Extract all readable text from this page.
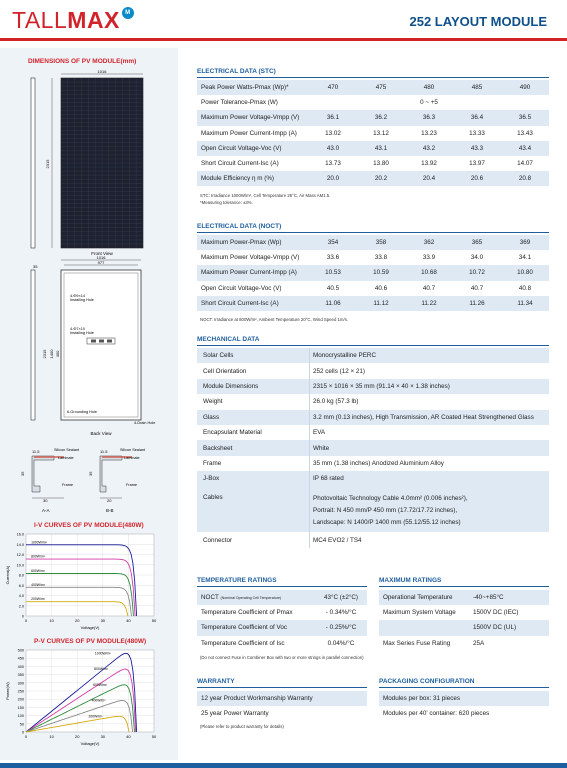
TALLMAX M
252 LAYOUT MODULE
DIMENSIONS OF PV MODULE(mm)
1016
2315
Front View
35
1016
977
2315 1400 400
4-Φ9×14
Installing Hole
4-Φ7×10
Installing Hole
6-Grounding Hole
4-Drain Hole
Back View
30
35
11.5	Silicon Sealant
Laminate
Frame
A-A
20
35
11.5	Silicon Sealant
Laminate
Frame
B-B
I-V CURVES OF PV MODULE(480W)
0	10	20	30	40	50
0
2.0
4.0
6.0
8.0
10.0
12.0
14.0
16.0
Voltage(V)
Current(A)
1000W/m²
800W/m²
600W/m²
400W/m²
200W/m²
P-V CURVES OF PV MODULE(480W)
0	10	20	30	40	50
0
50
100
150
200
250
300
350
400
450
500
Voltage(V)
Power(W)
1000W/m²
800W/m²
600W/m²
400W/m²
200W/m²
ELECTRICAL DATA (STC)
Peak Power Watts-Pmax (Wp)*	470	475	480	485	490
Power Tolerance-Pmax (W)	0 ~ +5				
Maximum Power Voltage-Vmpp (V)	36.1	36.2	36.3	36.4	36.5
Maximum Power Current-Impp (A)	13.02	13.12	13.23	13.33	13.43
Open Circuit Voltage-Voc (V)	43.0	43.1	43.2	43.3	43.4
Short Circuit Current-Isc (A)	13.73	13.80	13.92	13.97	14.07
Module Efficiency η m (%)	20.0	20.2	20.4	20.6	20.8
STC: Irradiance 1000W/m², Cell Temperature 25°C, Air Mass AM1.5.
*Measuring tolerance: ±3%.
ELECTRICAL DATA (NOCT)
Maximum Power-Pmax (Wp)	354	358	362	365	369
Maximum Power Voltage-Vmpp (V)	33.6	33.8	33.9	34.0	34.1
Maximum Power Current-Impp (A)	10.53	10.59	10.68	10.72	10.80
Open Circuit Voltage-Voc (V)	40.5	40.6	40.7	40.7	40.8
Short Circuit Current-Isc (A)	11.06	11.12	11.22	11.26	11.34
NOCT: Irradiance at 800W/m², Ambient Temperature 20°C, Wind Speed 1m/s.
MECHANICAL DATA
Solar Cells	Monocrystalline PERC
Cell Orientation	252 cells (12 × 21)
Module Dimensions	2315 × 1016 × 35 mm (91.14 × 40 × 1.38 inches)
Weight	26.0 kg (57.3 lb)
Glass	3.2 mm (0.13 inches), High Transmission, AR Coated Heat Strengthened Glass
Encapsulant Material	EVA
Backsheet	White
Frame	35 mm (1.38 inches) Anodized Aluminium Alloy
J-Box	IP 68 rated
Cables	Photovoltaic Technology Cable 4.0mm² (0.006 inches²),
Portrait: N 450 mm/P 450 mm (17.72/17.72 inches),
Landscape: N 1400/P 1400 mm (55.12/55.12 inches)
Connector	MC4 EVO2 / TS4
TEMPERATURE RATINGS
NOCT (Nominal Operating Cell Temperature)	43°C (±2°C)
Temperature Coefficient of Pmax	- 0.34%/°C
Temperature Coefficient of Voc	- 0.25%/°C
Temperature Coefficient of Isc	0.04%/°C
(Do not connect Fuse in Combiner Box with two or more strings in parallel connection)
MAXIMUM RATINGS
Operational Temperature	-40~+85°C
Maximum System Voltage	1500V DC (IEC)
	1500V DC (UL)
Max Series Fuse Rating	25A
WARRANTY
12 year Product Workmanship Warranty
25 year Power Warranty
(Please refer to product warranty for details)
PACKAGING CONFIGURATION
Modules per box: 31 pieces
Modules per 40' container: 620 pieces
